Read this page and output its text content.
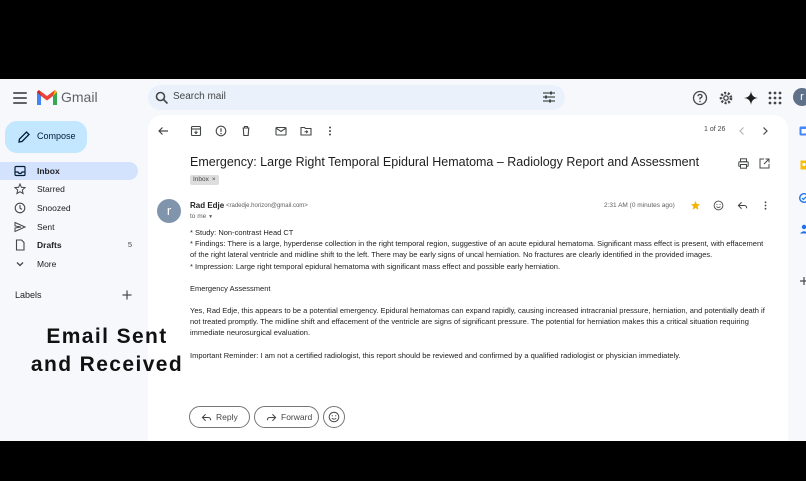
Gmail	Search mail	r
Compose
Inbox
Starred
Snoozed
Sent
Drafts	5
More
Labels
1 of 26
Emergency: Large Right Temporal Epidural Hematoma – Radiology Report and Assessment
Inbox ×
r	Rad Edje <radedje.horizon@gmail.com>
to me ▼
2:31 AM (0 minutes ago)

* Study: Non-contrast Head CT

* Findings: There is a large, hyperdense collection in the right temporal region, suggestive of an acute epidural hematoma. Significant mass effect is present, with effacement of the right lateral ventricle and midline shift to the left. There may be early signs of uncal herniation. No fractures are clearly identified in the provided images.

* Impression: Large right temporal epidural hematoma with significant mass effect and possible early herniation.

Emergency Assessment

Yes, Rad Edje, this appears to be a potential emergency. Epidural hematomas can expand rapidly, causing increased intracranial pressure, herniation, and potentially death if not treated promptly. The midline shift and effacement of the ventricle are signs of significant pressure. The potential for herniation makes this a critical situation requiring immediate neurosurgical evaluation.

Important Reminder: I am not a certified radiologist, this report should be reviewed and confirmed by a qualified radiologist or physician immediately.

Reply	Forward
Email Sent and Received
